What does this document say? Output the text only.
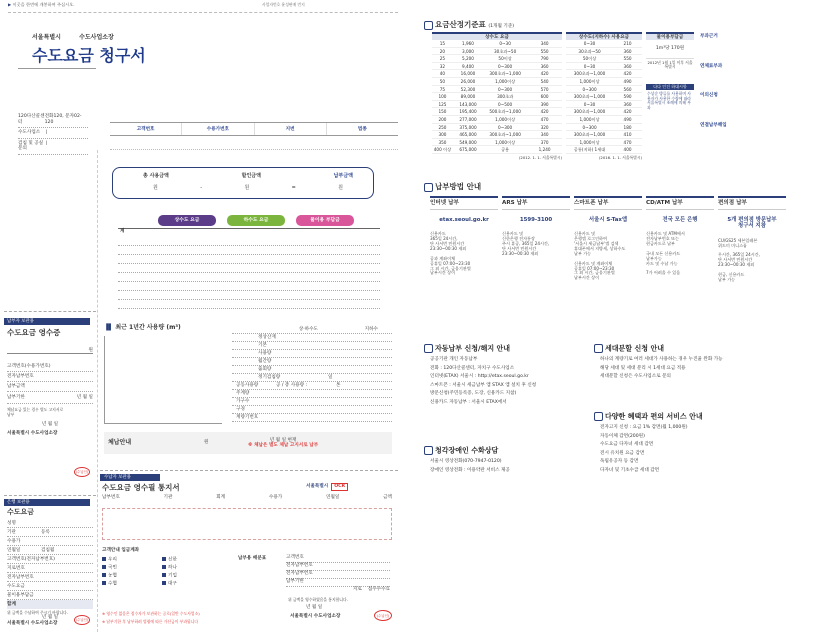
▶ 이곳을 한번에 개봉하여 주십시오.	사업자번호 윤성판매 번지
서울특별시	수도사업소장
수도요금 청구서
120다산콜센터
전화120, 문자02-120
수도사업소	|
검침 및 공실문의
|
고객번호	수용가번호	지번	법종
총 사용금액	할인금액	납부금액
원	-	원	=	원
상수도 요금	하수도 요금	물이용 부담금
계
납부자 보관용
수도요금 영수증
원
고객번호(수용가번호)
전자납부번호
납부금액
납부기한	년 월 일
체납요금 있는 경우 별도 고지서로 납부
년 월 일
서울특별시 수도사업소장
(수납인)
은행 보관용
수도요금
성명
기관	등록
수용가
연월일	검침월
고객번호(전자납부번호)
지로번호
전자납부번호
수도요금
물이용부담금
합계
위 금액을 수납하여 주시기 바랍니다.
년 월 일
서울특별시 수도사업소장
(수납인)
▐▌ 최근 1년간 사용량 (m³)	상·하수도	지하수
정상산재
기본
사용량
월간량
출회량
정기검침량	일
공동사용량	공 / 총 사용량 :	톤
주계량
가구수
구경
계량기번호
체납안내	원
년 월 일 현재
※ 체납은 별도 체납 고지서로 납부
수납자 보관용
수도요금 영수필 통지서	서울특별시	OCR
납부번호	기관	회계	수용가	연월일	금액
고객안내 입금계좌
우리	신한
국민	하나
농협	기업
수협	대구
납부용 배분표	고객번호
전자납부번호
전자납부번호
납부기한
지로 접수수수료
위 금액을 영수하였음을 통지합니다.
년 월 일
서울특별시 수도사업소장	(수납인)
※ 영수인 없음은 접수자가 보관하는 공로(일반 수도사업소)
※ 납부기한 후 납부하려 법령에 따른 가산금이 부과됩니다
요금산정기준표 (1개월 기준)
상수도 요금
15	1,960	0~30	340
20	3,000	30초과~50	550
25	5,200	50이상	790
32	9,400	0~300	360
40	16,000	300초과~1,000	420
50	26,000	1,000이상	540
75	52,300	0~300	570
100	89,000	300초과	600
125	143,000	0~500	390
150	195,400	500초과~1,000	420
200	277,000	1,000이상	470
250	375,000	0~300	320
300	465,000	300초과~1,000	340
350	549,000	1,000이상	370
400 이상	675,000	공용	1,240
(2012. 1. 1. 서울특별시)
상수도(지하수) 사용요금
0~30	210
30초과~50	360
50이상	550
0~30	360
300초과~1,000	420
1,000이상	490
0~300	560
300초과~1,000	590
0~30	360
300초과~1,000	420
1,000이상	490
0~300	180
300초과~1,000	410
1,000이상	470
공통(지하) 1세대	400
(2016. 1. 1. 서울특별시)
물이용부담금
1m³당 170원
2012년 1월 1일 이후 서울특별시
다다 인건 하대시항
수상순 방류를 사용하며 사용자가 사용한 수량에 따라 서울특별시 조례에 의해 부과
부과근거
연체료부과
이의신청
연결납부해입
납부방법 안내
인터넷 납부
etax.seoul.go.kr
신용카드
365일 24시간,
단 사서번 민원시간
23:30~00:30 제외

공과 계좌이체
공휴일 07:00~23:30
그 외 시간, 금융기관별
납부시간 상이
ARS 납부
1599-3100
신용카드 및
신한은행 전자통장
주시 휴공, 365일 24시간,
단 사서번 민원시간
23:30~00:30 제외
스마트폰 납부
서울시 S-Tax앱
신용카드 및
은행앱 로그인하여
'서울시 세금납부'앱 검색
휴대폰에서 지방세, 상하수도
납부 가능

신용카드 및 계좌이체
공휴일 07:00~23:30
그 외 시간, 금융기관별
납부시간 상이
CD/ATM 납부
전국 모든 은행
신용카드 및 ATM에서
전자납부번호 또는
현금카드로 납부

국내 모든 신용카드
납부가능
카드 및 수납 가능

7가 어려울 수 있음
편의점 납부
5개 편의점 방문납부
청구서 지참
CU/GS25 세븐일레븐
위드미 미니스톱

무시간, 365일 24시간,
단 사서번 민원시간
23:30~00:30 제외

현금, 신용카드
납부 가능
자동납부 신청/해지 안내
공공기관 개인 자동납부
전화 : 120다산콜센터, 자치구 수도사업소
인터넷(ETAX) 서울시 : http://etax.seoul.go.kr
스마트폰 : 서울시 세금납부 앱 STAX 앱 설치 후 신청
방문신청(주민등록증, 도장, 신용카드 지참)
신용카드 자동납부 : 서울시 ETAX에서
청각장애인 수화상담
서울시 영상전화(070-7947-0120)
장애인 영상전화 : 이용약관 서비스 제공
세대분할 신청 안내
하나의 계량기로 여러 세대가 사용하는 경우 누진율 완화 가능
해당 세대 및 세대 분리 시 1세대 요금 적용
세대분할 신청은 수도사업소로 문의
다양한 혜택과 편의 서비스 안내
전자고지 신청 : 요금 1% 감면(월 1,000원)
자동이체 감면(200원)
수도요금 다자녀 세대 감면
전시 유치원 요금 감면
독립유공자 등 감면
다자녀 및 기초수급 세대 감면
